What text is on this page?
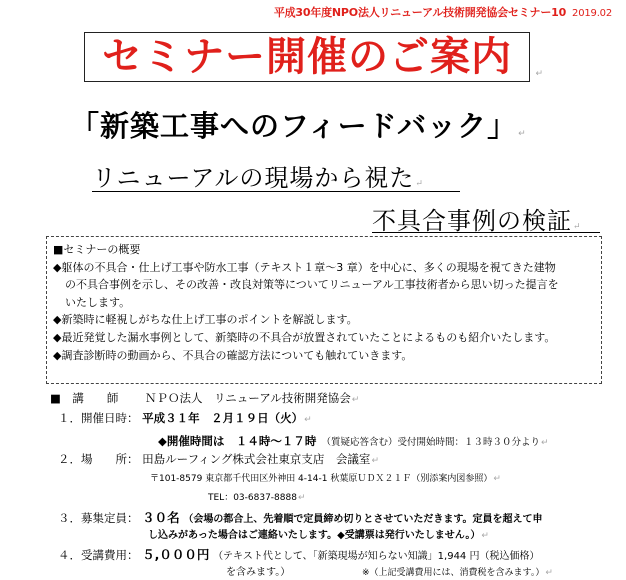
平成30年度NPO法人リニューアル技術開発協会セミナー10 2019.02
セミナー開催のご案内	↵
「新築工事へのフィードバック」↵
リニューアルの現場から視た↵
不具合事例の検証↵
■セミナーの概要
◆躯体の不具合・仕上げ工事や防水工事（テキスト１章～3 章）を中心に、多くの現場を視てきた建物
の不具合事例を示し、その改善・改良対策等についてリニューアル工事技術者から思い切った提言を
いたします。
◆新築時に軽視しがちな仕上げ工事のポイントを解説します。
◆最近発覚した漏水事例として、新築時の不具合が放置されていたことによるものも紹介いたします。
◆調査診断時の動画から、不具合の確認方法についても触れていきます。
■　講　　師　　 ＮＰＯ法人　リニューアル技術開発協会↵
１．開催日時： 平成３１年　２月１９日（火）↵
◆開催時間は　１４時～１７時 （質疑応答含む）受付開始時間：１３時３０分より↵
２．場　　所： 田島ルーフィング株式会社東京支店　会議室↵
〒101-8579 東京都千代田区外神田 4-14-1 秋葉原ＵＤＸ２１Ｆ（別添案内図参照）↵
TEL：03-6837-8888↵
３．募集定員： ３０名 （会場の都合上、先着順で定員締め切りとさせていただきます。定員を超えて申
し込みがあった場合はご連絡いたします。◆受講票は発行いたしません。）↵
４．受講費用： ５,０００円 （テキスト代として、「新築現場が知らない知識」1,944 円（税込価格）
を含みます。）	※（上記受講費用には、消費税を含みます。）↵
